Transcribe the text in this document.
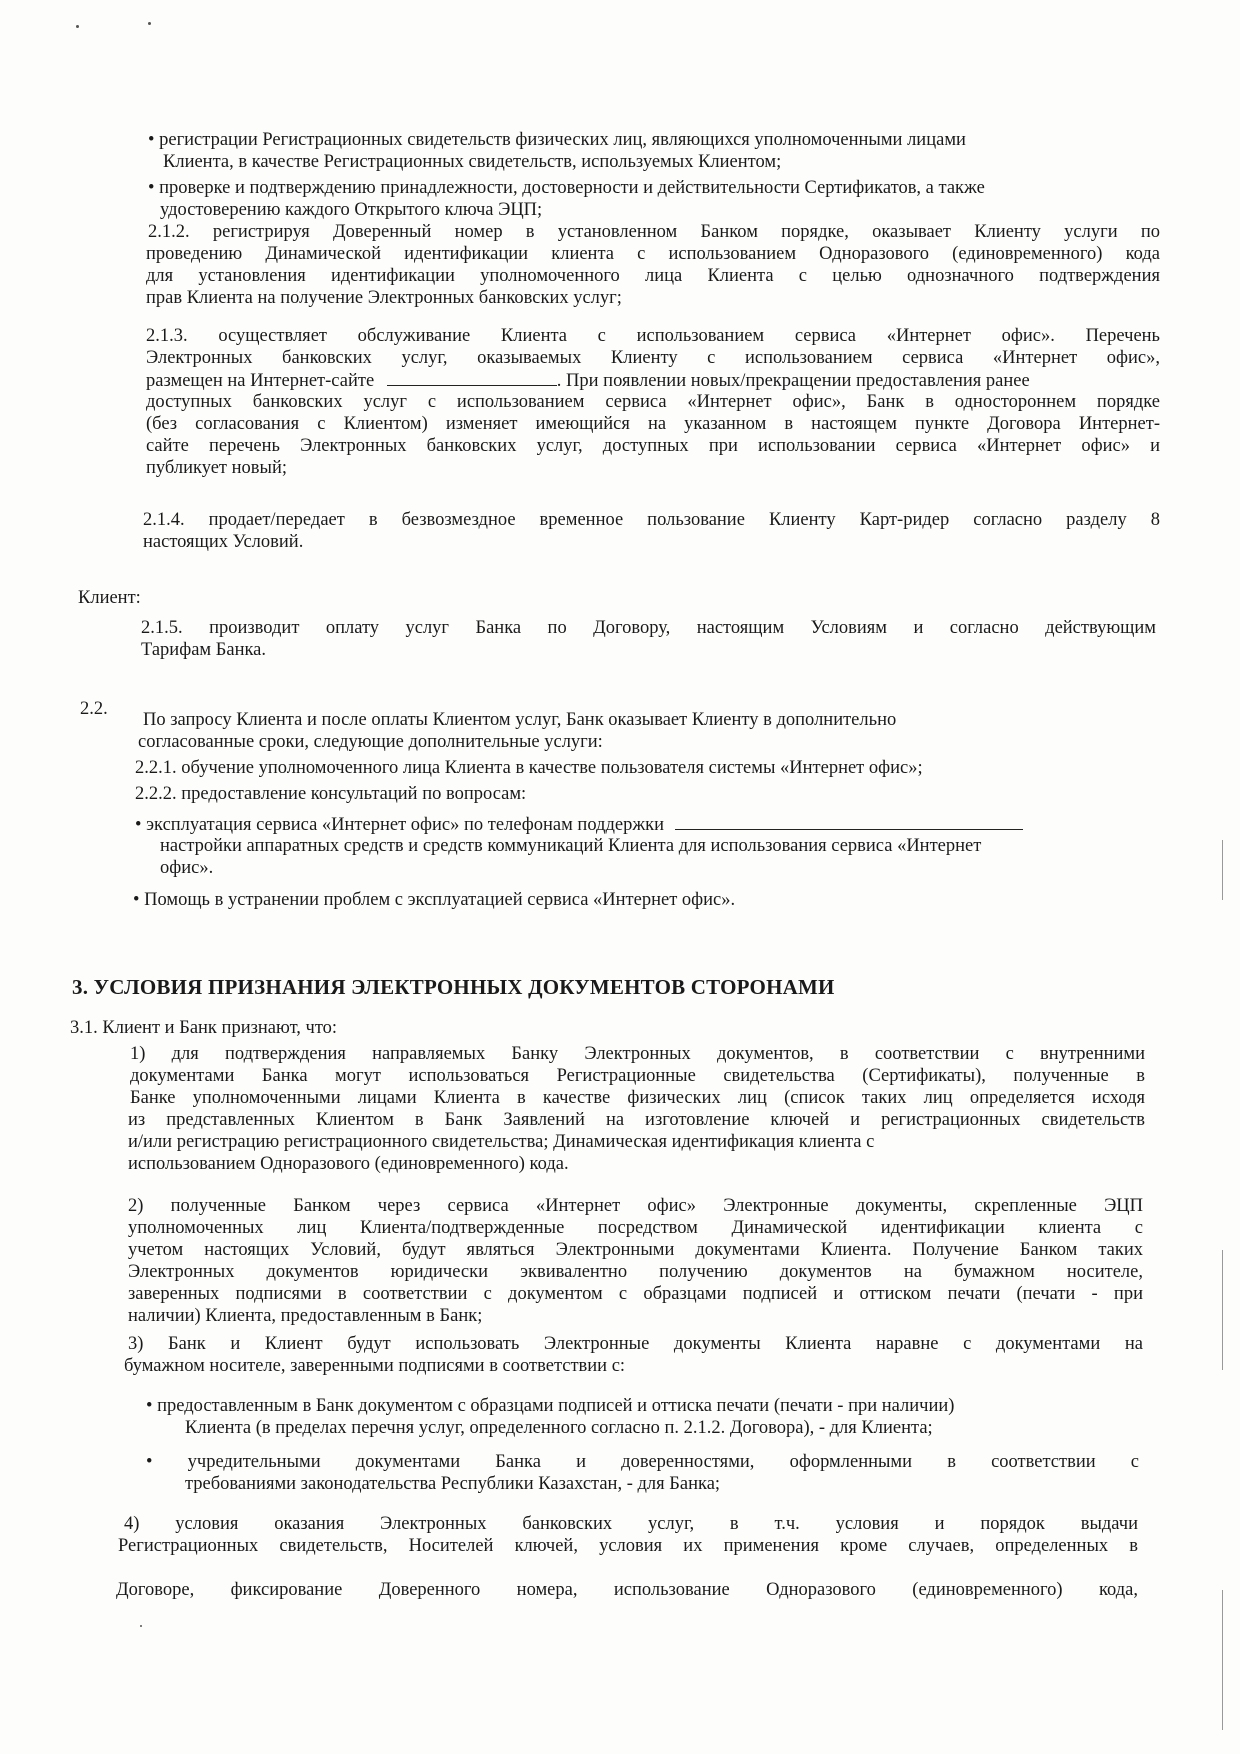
• регистрации Регистрационных свидетельств физических лиц, являющихся уполномоченными лицами
Клиента, в качестве Регистрационных свидетельств, используемых Клиентом;
• проверке и подтверждению принадлежности, достоверности и действительности Сертификатов, а также
удостоверению каждого Открытого ключа ЭЦП;
2.1.2. регистрируя Доверенный номер в установленном Банком порядке, оказывает Клиенту услуги по
проведению Динамической идентификации клиента с использованием Одноразового (единовременного) кода
для установления идентификации уполномоченного лица Клиента с целью однозначного подтверждения
прав Клиента на получение Электронных банковских услуг;
2.1.3. осуществляет обслуживание Клиента с использованием сервиса «Интернет офис». Перечень
Электронных банковских услуг, оказываемых Клиенту с использованием сервиса «Интернет офис»,
размещен на Интернет-сайте	. При появлении новых/прекращении предоставления ранее
доступных банковских услуг с использованием сервиса «Интернет офис», Банк в одностороннем порядке
(без согласования с Клиентом) изменяет имеющийся на указанном в настоящем пункте Договора Интернет-
сайте перечень Электронных банковских услуг, доступных при использовании сервиса «Интернет офис» и
публикует новый;
2.1.4. продает/передает в безвозмездное временное пользование Клиенту Карт-ридер согласно разделу 8
настоящих Условий.
Клиент:
2.1.5. производит оплату услуг Банка по Договору, настоящим Условиям и согласно действующим
Тарифам Банка.
2.2.
По запросу Клиента и после оплаты Клиентом услуг, Банк оказывает Клиенту в дополнительно
согласованные сроки, следующие дополнительные услуги:
2.2.1. обучение уполномоченного лица Клиента в качестве пользователя системы «Интернет офис»;
2.2.2. предоставление консультаций по вопросам:
• эксплуатация сервиса «Интернет офис» по телефонам поддержки
настройки аппаратных средств и средств коммуникаций Клиента для использования сервиса «Интернет
офис».
• Помощь в устранении проблем с эксплуатацией сервиса «Интернет офис».
3. УСЛОВИЯ ПРИЗНАНИЯ ЭЛЕКТРОННЫХ ДОКУМЕНТОВ СТОРОНАМИ
3.1. Клиент и Банк признают, что:
1) для подтверждения направляемых Банку Электронных документов, в соответствии с внутренними
документами Банка могут использоваться Регистрационные свидетельства (Сертификаты), полученные в
Банке уполномоченными лицами Клиента в качестве физических лиц (список таких лиц определяется исходя
из представленных Клиентом в Банк Заявлений на изготовление ключей и регистрационных свидетельств
и/или регистрацию регистрационного свидетельства; Динамическая идентификация клиента с
использованием Одноразового (единовременного) кода.
2) полученные Банком через сервиса «Интернет офис» Электронные документы, скрепленные ЭЦП
уполномоченных лиц Клиента/подтвержденные посредством Динамической идентификации клиента с
учетом настоящих Условий, будут являться Электронными документами Клиента. Получение Банком таких
Электронных документов юридически эквивалентно получению документов на бумажном носителе,
заверенных подписями в соответствии с документом с образцами подписей и оттиском печати (печати - при
наличии) Клиента, предоставленным в Банк;
3) Банк и Клиент будут использовать Электронные документы Клиента наравне с документами на
бумажном носителе, заверенными подписями в соответствии с:
• предоставленным в Банк документом с образцами подписей и оттиска печати (печати - при наличии)
Клиента (в пределах перечня услуг, определенного согласно п. 2.1.2. Договора), - для Клиента;
• учредительными документами Банка и доверенностями, оформленными в соответствии с
требованиями законодательства Республики Казахстан, - для Банка;
4) условия оказания Электронных банковских услуг, в т.ч. условия и порядок выдачи
Регистрационных свидетельств, Носителей ключей, условия их применения кроме случаев, определенных в
Договоре, фиксирование Доверенного номера, использование Одноразового (единовременного) кода,
